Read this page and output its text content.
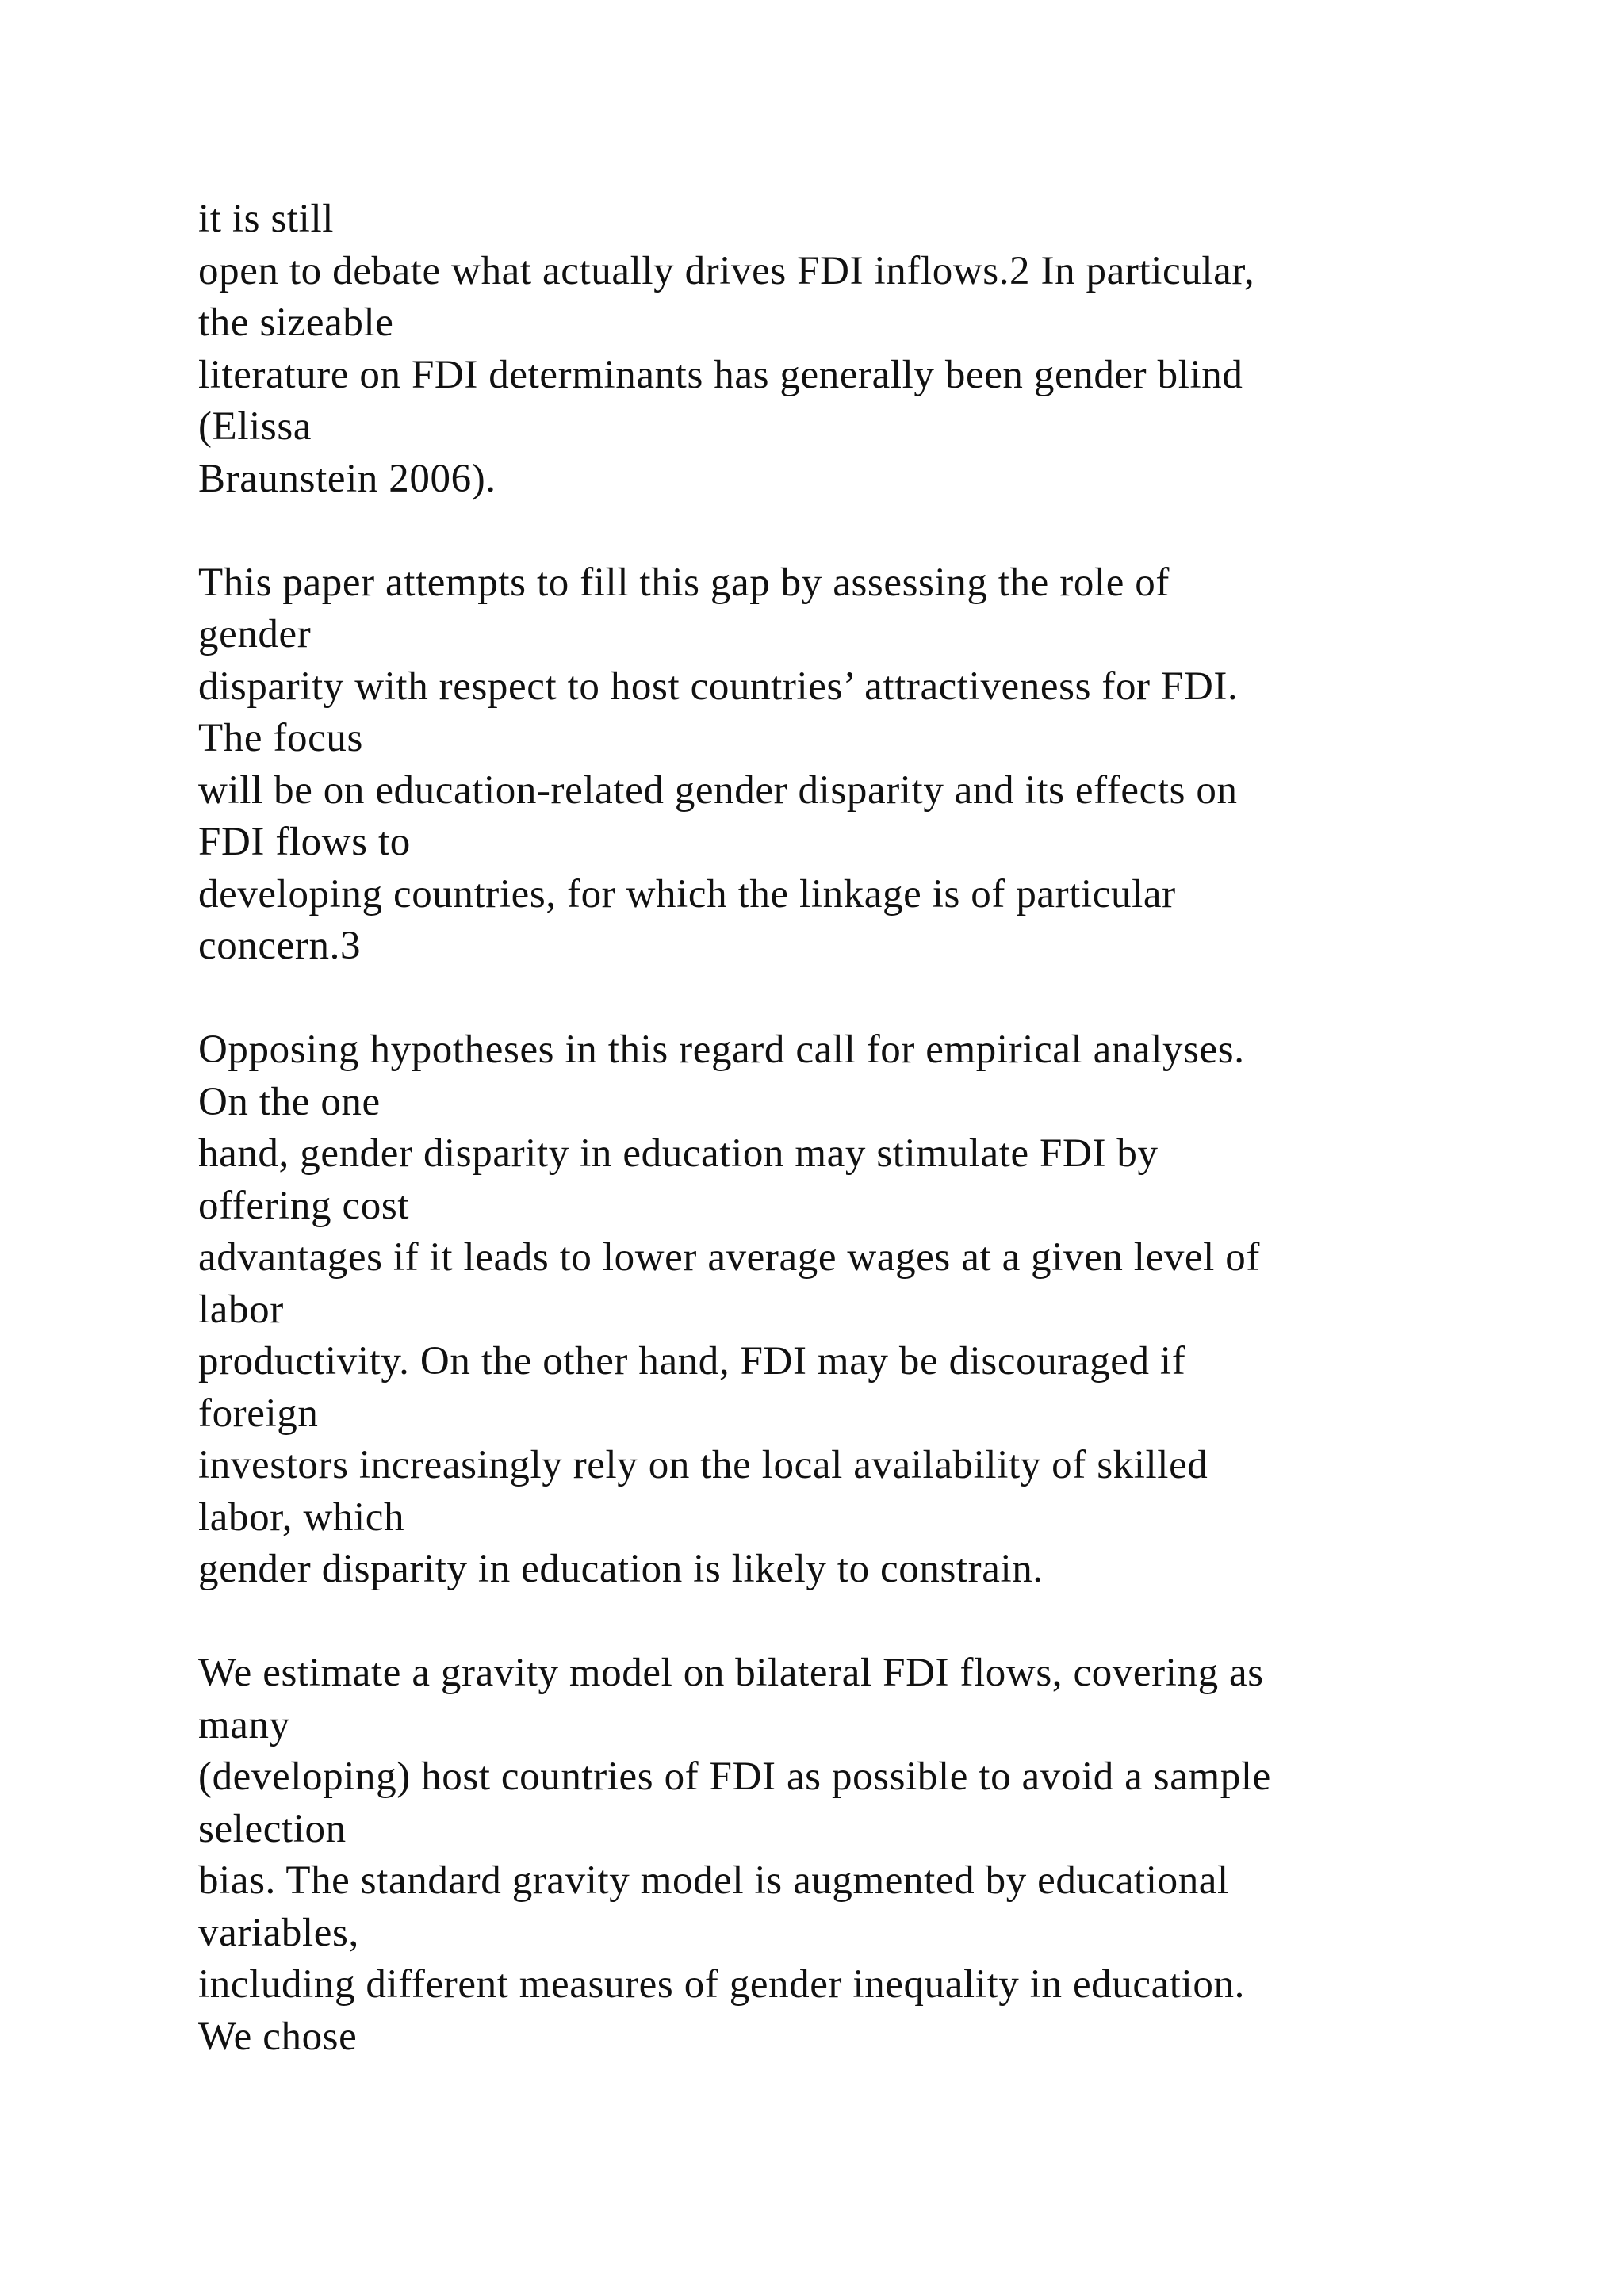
it is still
open to debate what actually drives FDI inflows.2 In particular,
the sizeable
literature on FDI determinants has generally been gender blind
(Elissa
Braunstein 2006).

This paper attempts to fill this gap by assessing the role of
gender
disparity with respect to host countries’ attractiveness for FDI.
The focus
will be on education-related gender disparity and its effects on
FDI flows to
developing countries, for which the linkage is of particular
concern.3

Opposing hypotheses in this regard call for empirical analyses.
On the one
hand, gender disparity in education may stimulate FDI by
offering cost
advantages if it leads to lower average wages at a given level of
labor
productivity. On the other hand, FDI may be discouraged if
foreign
investors increasingly rely on the local availability of skilled
labor, which
gender disparity in education is likely to constrain.

We estimate a gravity model on bilateral FDI flows, covering as
many
(developing) host countries of FDI as possible to avoid a sample
selection
bias. The standard gravity model is augmented by educational
variables,
including different measures of gender inequality in education.
We chose
